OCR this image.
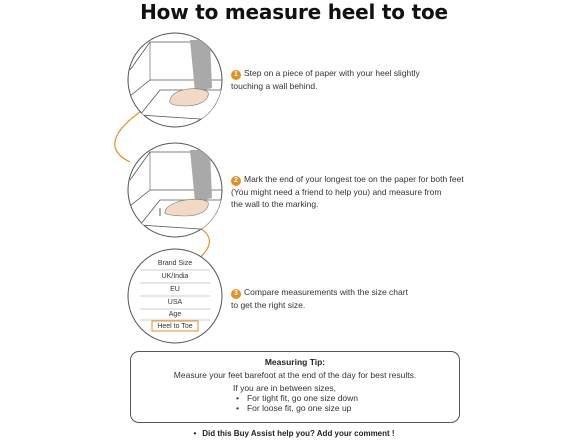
How to measure heel to toe
Brand Size
UK/India
EU
USA
Age
Heel to Toe
1 Step on a piece of paper with your heel slightly
touching a wall behind.
2 Mark the end of your longest toe on the paper for both feet
(You might need a friend to help you) and measure from
the wall to the marking.
3 Compare measurements with the size chart
to get the right size.
Measuring Tip:
Measure your feet barefoot at the end of the day for best results.
If you are in between sizes,
• For tight fit, go one size down
• For loose fit, go one size up
• Did this Buy Assist help you? Add your comment !
